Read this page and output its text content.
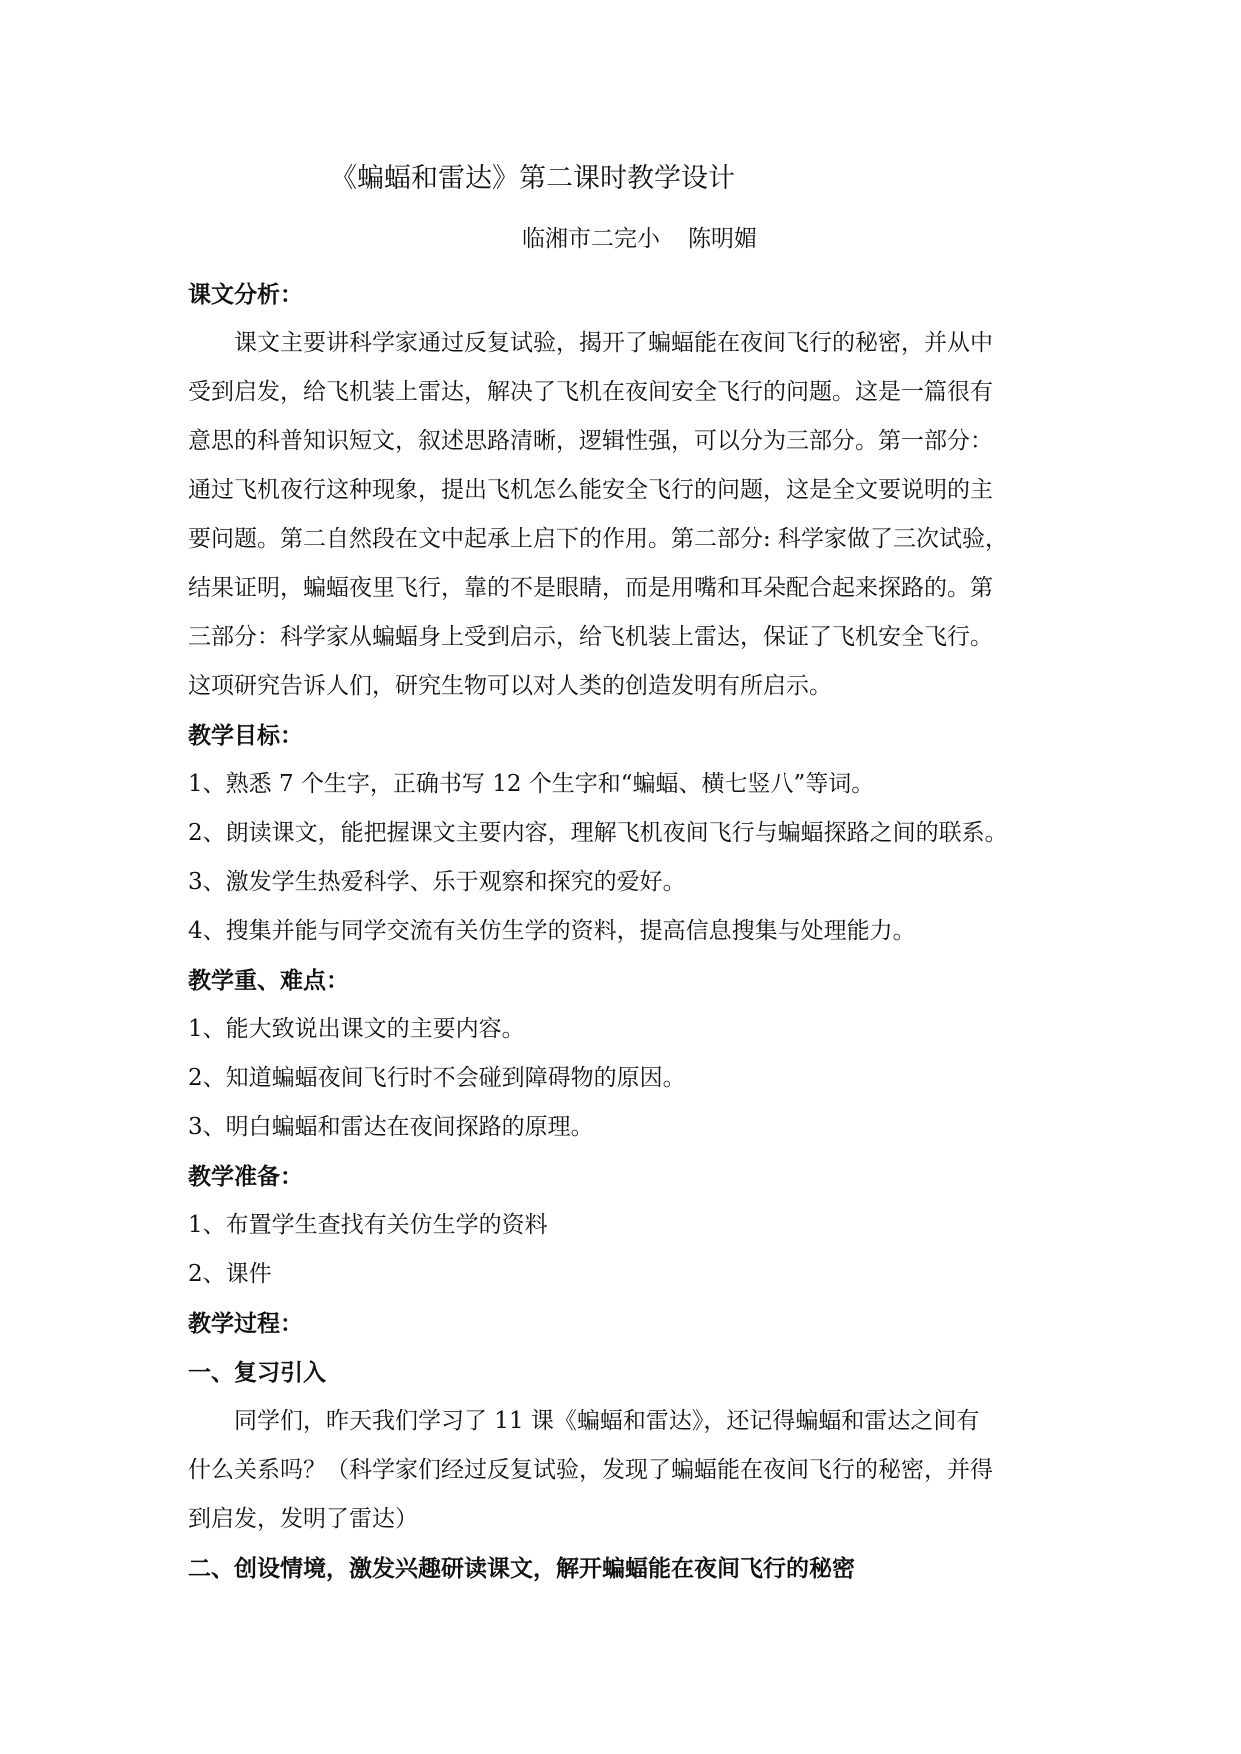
《蝙蝠和雷达》第二课时教学设计
临湘市二完小 陈明媚

课文分析：

课文主要讲科学家通过反复试验，揭开了蝙蝠能在夜间飞行的秘密，并从中

受到启发，给飞机装上雷达，解决了飞机在夜间安全飞行的问题。这是一篇很有

意思的科普知识短文，叙述思路清晰，逻辑性强，可以分为三部分。第一部分：

通过飞机夜行这种现象，提出飞机怎么能安全飞行的问题，这是全文要说明的主

要问题。第二自然段在文中起承上启下的作用。第二部分: 科学家做了三次试验，

结果证明，蝙蝠夜里飞行，靠的不是眼睛，而是用嘴和耳朵配合起来探路的。第

三部分：科学家从蝙蝠身上受到启示，给飞机装上雷达，保证了飞机安全飞行。

这项研究告诉人们，研究生物可以对人类的创造发明有所启示。

教学目标：

1、熟悉 7 个生字，正确书写 12 个生字和“蝙蝠、横七竖八”等词。

2、朗读课文，能把握课文主要内容，理解飞机夜间飞行与蝙蝠探路之间的联系。

3、激发学生热爱科学、乐于观察和探究的爱好。

4、搜集并能与同学交流有关仿生学的资料，提高信息搜集与处理能力。

教学重、难点：

1、能大致说出课文的主要内容。

2、知道蝙蝠夜间飞行时不会碰到障碍物的原因。

3、明白蝙蝠和雷达在夜间探路的原理。

教学准备：

1、布置学生查找有关仿生学的资料

2、课件

教学过程：

一、复习引入

同学们，昨天我们学习了 11 课《蝙蝠和雷达》，还记得蝙蝠和雷达之间有

什么关系吗？（科学家们经过反复试验，发现了蝙蝠能在夜间飞行的秘密，并得

到启发，发明了雷达）

二、创设情境，激发兴趣研读课文，解开蝙蝠能在夜间飞行的秘密
